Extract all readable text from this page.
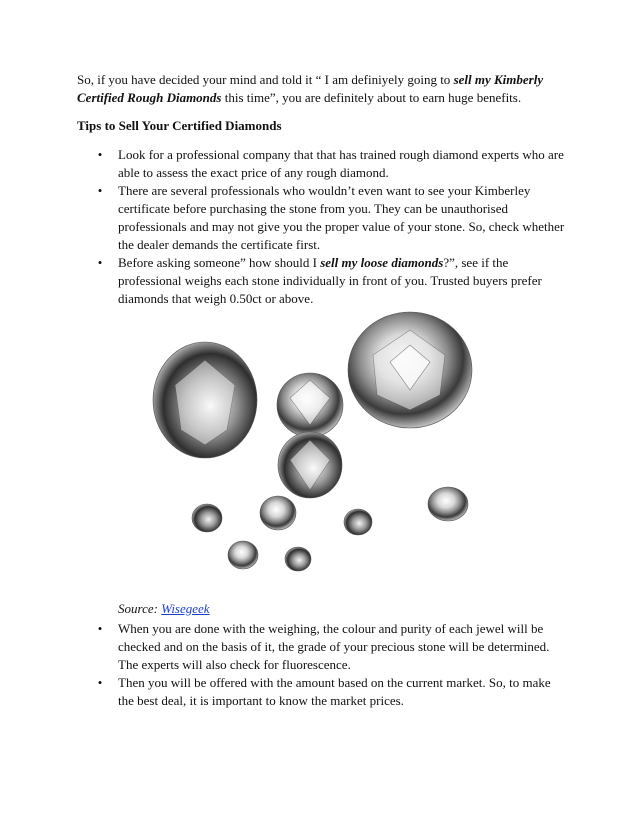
So, if you have decided your mind and told it “ I am definiyely going to sell my Kimberly Certified Rough Diamonds this time”, you are definitely about to earn huge benefits.

Tips to Sell Your Certified Diamonds
• Look for a professional company that that has trained rough diamond experts who are able to assess the exact price of any rough diamond.
• There are several professionals who wouldn’t even want to see your Kimberley certificate before purchasing the stone from you. They can be unauthorised professionals and may not give you the proper value of your stone. So, check whether the dealer demands the certificate first.
• Before asking someone” how should I sell my loose diamonds?”, see if the professional weighs each stone individually in front of you. Trusted buyers prefer diamonds that weigh 0.50ct or above.
Source: Wisegeek
• When you are done with the weighing, the colour and purity of each jewel will be checked and on the basis of it, the grade of your precious stone will be determined. The experts will also check for fluorescence.
• Then you will be offered with the amount based on the current market. So, to make the best deal, it is important to know the market prices.
